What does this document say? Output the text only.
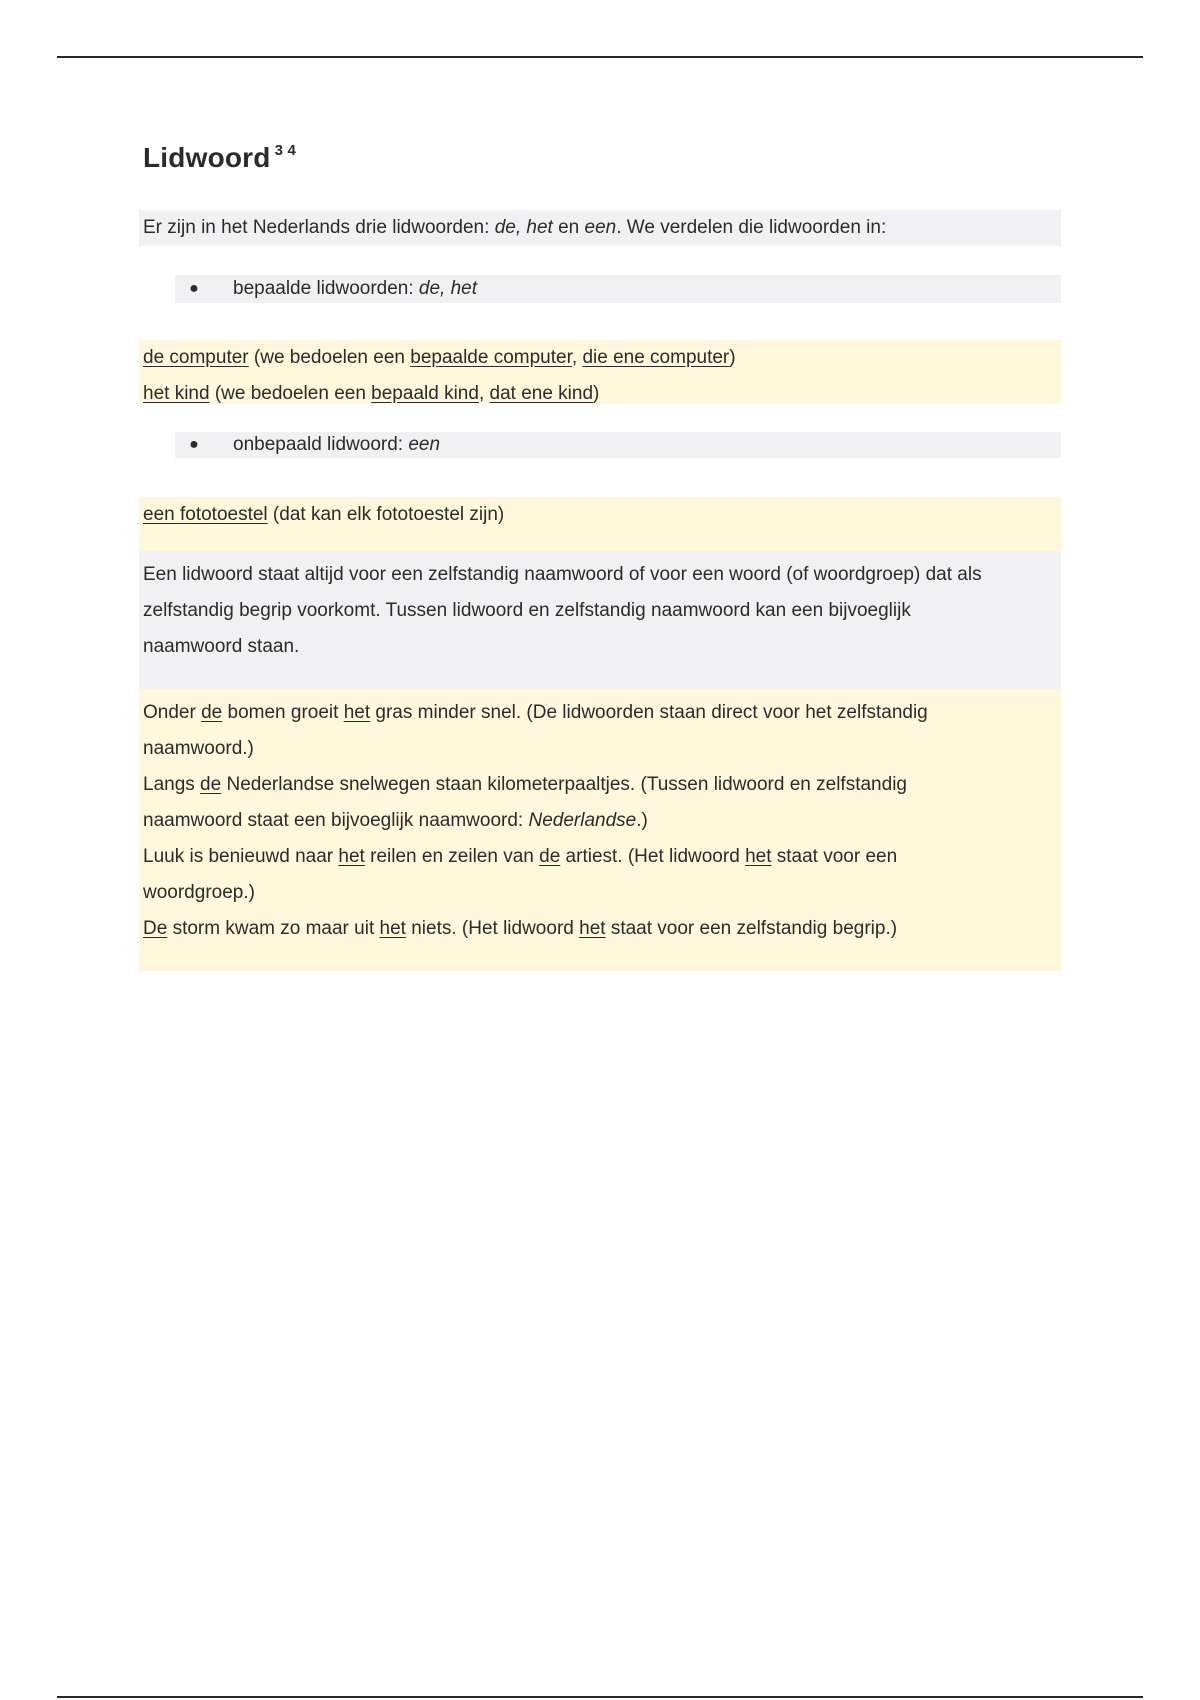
Lidwoord $^{3 4}$
Er zijn in het Nederlands drie lidwoorden: de, het en een. We verdelen die lidwoorden in:
● bepaalde lidwoorden: de, het
de computer (we bedoelen een bepaalde computer, die ene computer)
het kind (we bedoelen een bepaald kind, dat ene kind)
● onbepaald lidwoord: een
een fototoestel (dat kan elk fototoestel zijn)
Een lidwoord staat altijd voor een zelfstandig naamwoord of voor een woord (of woordgroep) dat als
zelfstandig begrip voorkomt. Tussen lidwoord en zelfstandig naamwoord kan een bijvoeglijk
naamwoord staan.
Onder de bomen groeit het gras minder snel. (De lidwoorden staan direct voor het zelfstandig
naamwoord.)
Langs de Nederlandse snelwegen staan kilometerpaaltjes. (Tussen lidwoord en zelfstandig
naamwoord staat een bijvoeglijk naamwoord: Nederlandse.)
Luuk is benieuwd naar het reilen en zeilen van de artiest. (Het lidwoord het staat voor een
woordgroep.)
De storm kwam zo maar uit het niets. (Het lidwoord het staat voor een zelfstandig begrip.)
